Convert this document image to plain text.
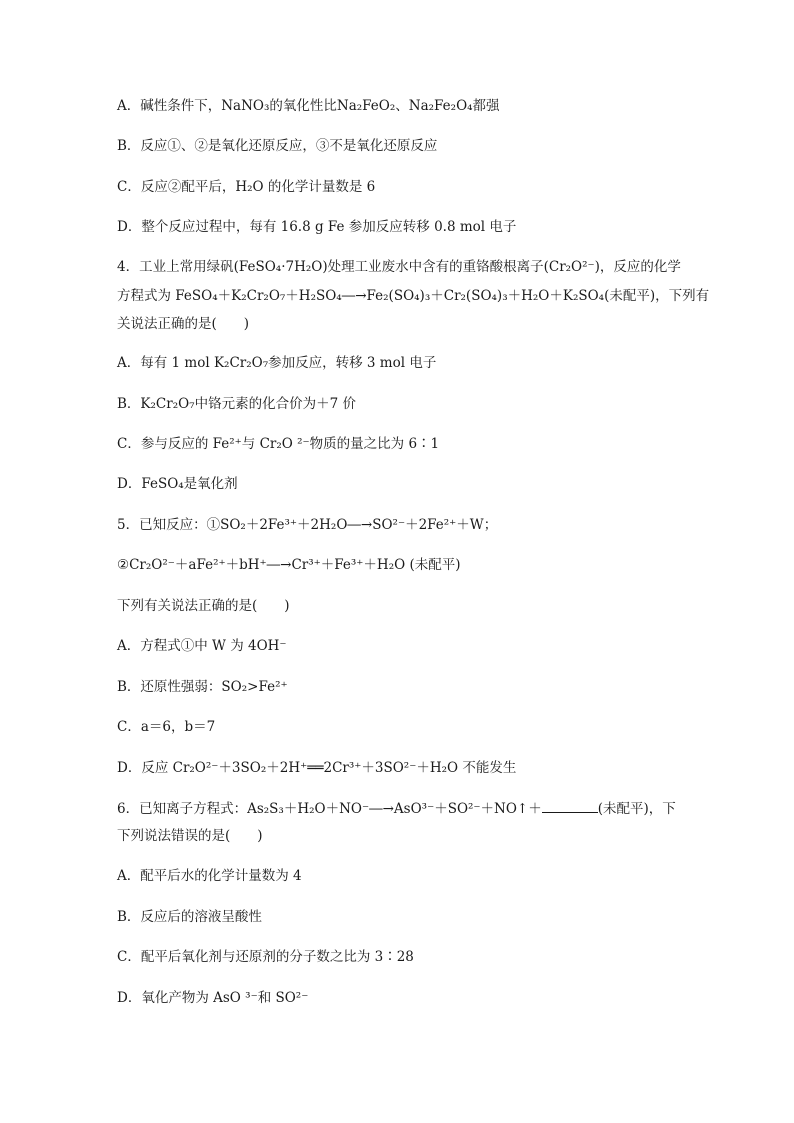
A．碱性条件下，NaNO₃的氧化性比Na₂FeO₂、Na₂Fe₂O₄都强
B．反应①、②是氧化还原反应，③不是氧化还原反应
C．反应②配平后，H₂O 的化学计量数是 6
D．整个反应过程中，每有 16.8 g Fe 参加反应转移 0.8 mol 电子
4．工业上常用绿矾(FeSO₄·7H₂O)处理工业废水中含有的重铬酸根离子(Cr₂O²⁻)，反应的化学
方程式为 FeSO₄＋K₂Cr₂O₇＋H₂SO₄―→Fe₂(SO₄)₃＋Cr₂(SO₄)₃＋H₂O＋K₂SO₄(未配平)，下列有
关说法正确的是(　　)
A．每有 1 mol K₂Cr₂O₇参加反应，转移 3 mol 电子
B．K₂Cr₂O₇中铬元素的化合价为＋7 价
C．参与反应的 Fe²⁺与 Cr₂O ²⁻物质的量之比为 6∶1
D．FeSO₄是氧化剂
5．已知反应：①SO₂＋2Fe³⁺＋2H₂O―→SO²⁻＋2Fe²⁺＋W；
②Cr₂O²⁻＋aFe²⁺＋bH⁺―→Cr³⁺＋Fe³⁺＋H₂O (未配平)
下列有关说法正确的是(　　)
A．方程式①中 W 为 4OH⁻
B．还原性强弱：SO₂>Fe²⁺
C．a＝6，b＝7
D．反应 Cr₂O²⁻＋3SO₂＋2H⁺══2Cr³⁺＋3SO²⁻＋H₂O 不能发生
6．已知离子方程式：As₂S₃＋H₂O＋NO⁻―→AsO³⁻＋SO²⁻＋NO↑＋	(未配平)，下
下列说法错误的是(　　)
A．配平后水的化学计量数为 4
B．反应后的溶液呈酸性
C．配平后氧化剂与还原剂的分子数之比为 3∶28
D．氧化产物为 AsO ³⁻和 SO²⁻
